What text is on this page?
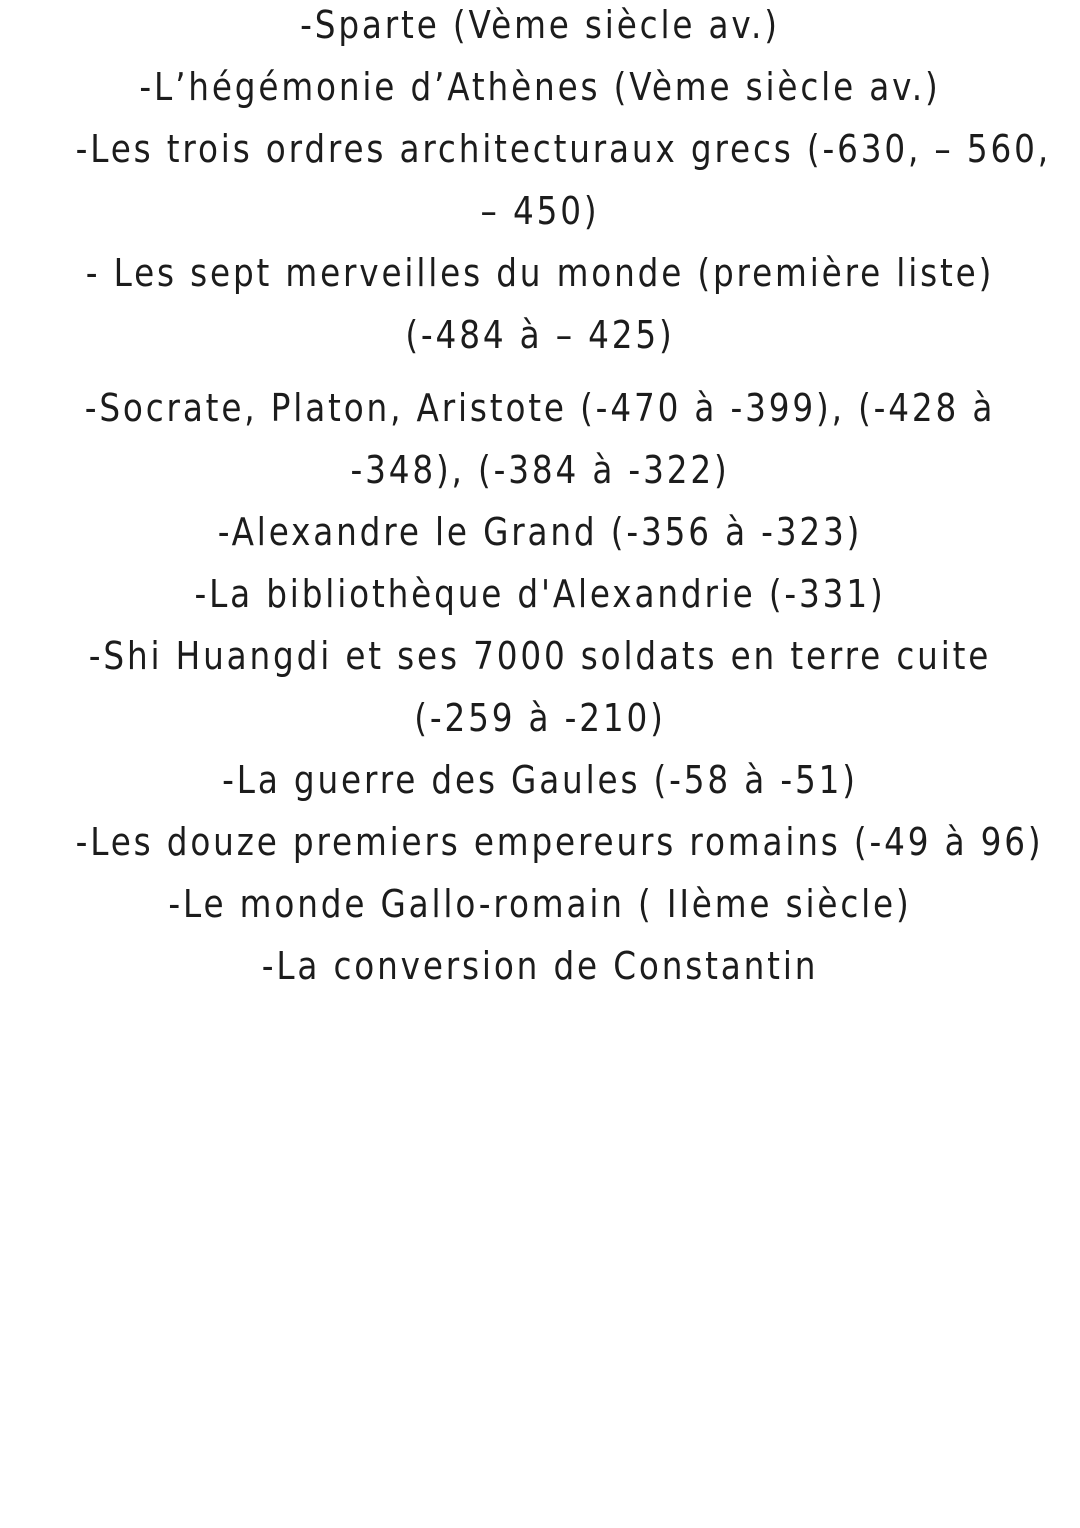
-Sparte (Vème siècle av.)
-L’hégémonie d’Athènes (Vème siècle av.)
-Les trois ordres architecturaux grecs (-630, – 560,
– 450)
- Les sept merveilles du monde (première liste)
(-484 à – 425)
-Socrate, Platon, Aristote (-470 à -399), (-428 à
-348), (-384 à -322)
-Alexandre le Grand (-356 à -323)
-La bibliothèque d'Alexandrie (-331)
-Shi Huangdi et ses 7000 soldats en terre cuite
(-259 à -210)
-La guerre des Gaules (-58 à -51)
-Les douze premiers empereurs romains (-49 à 96)
-Le monde Gallo-romain ( IIème siècle)
-La conversion de Constantin
